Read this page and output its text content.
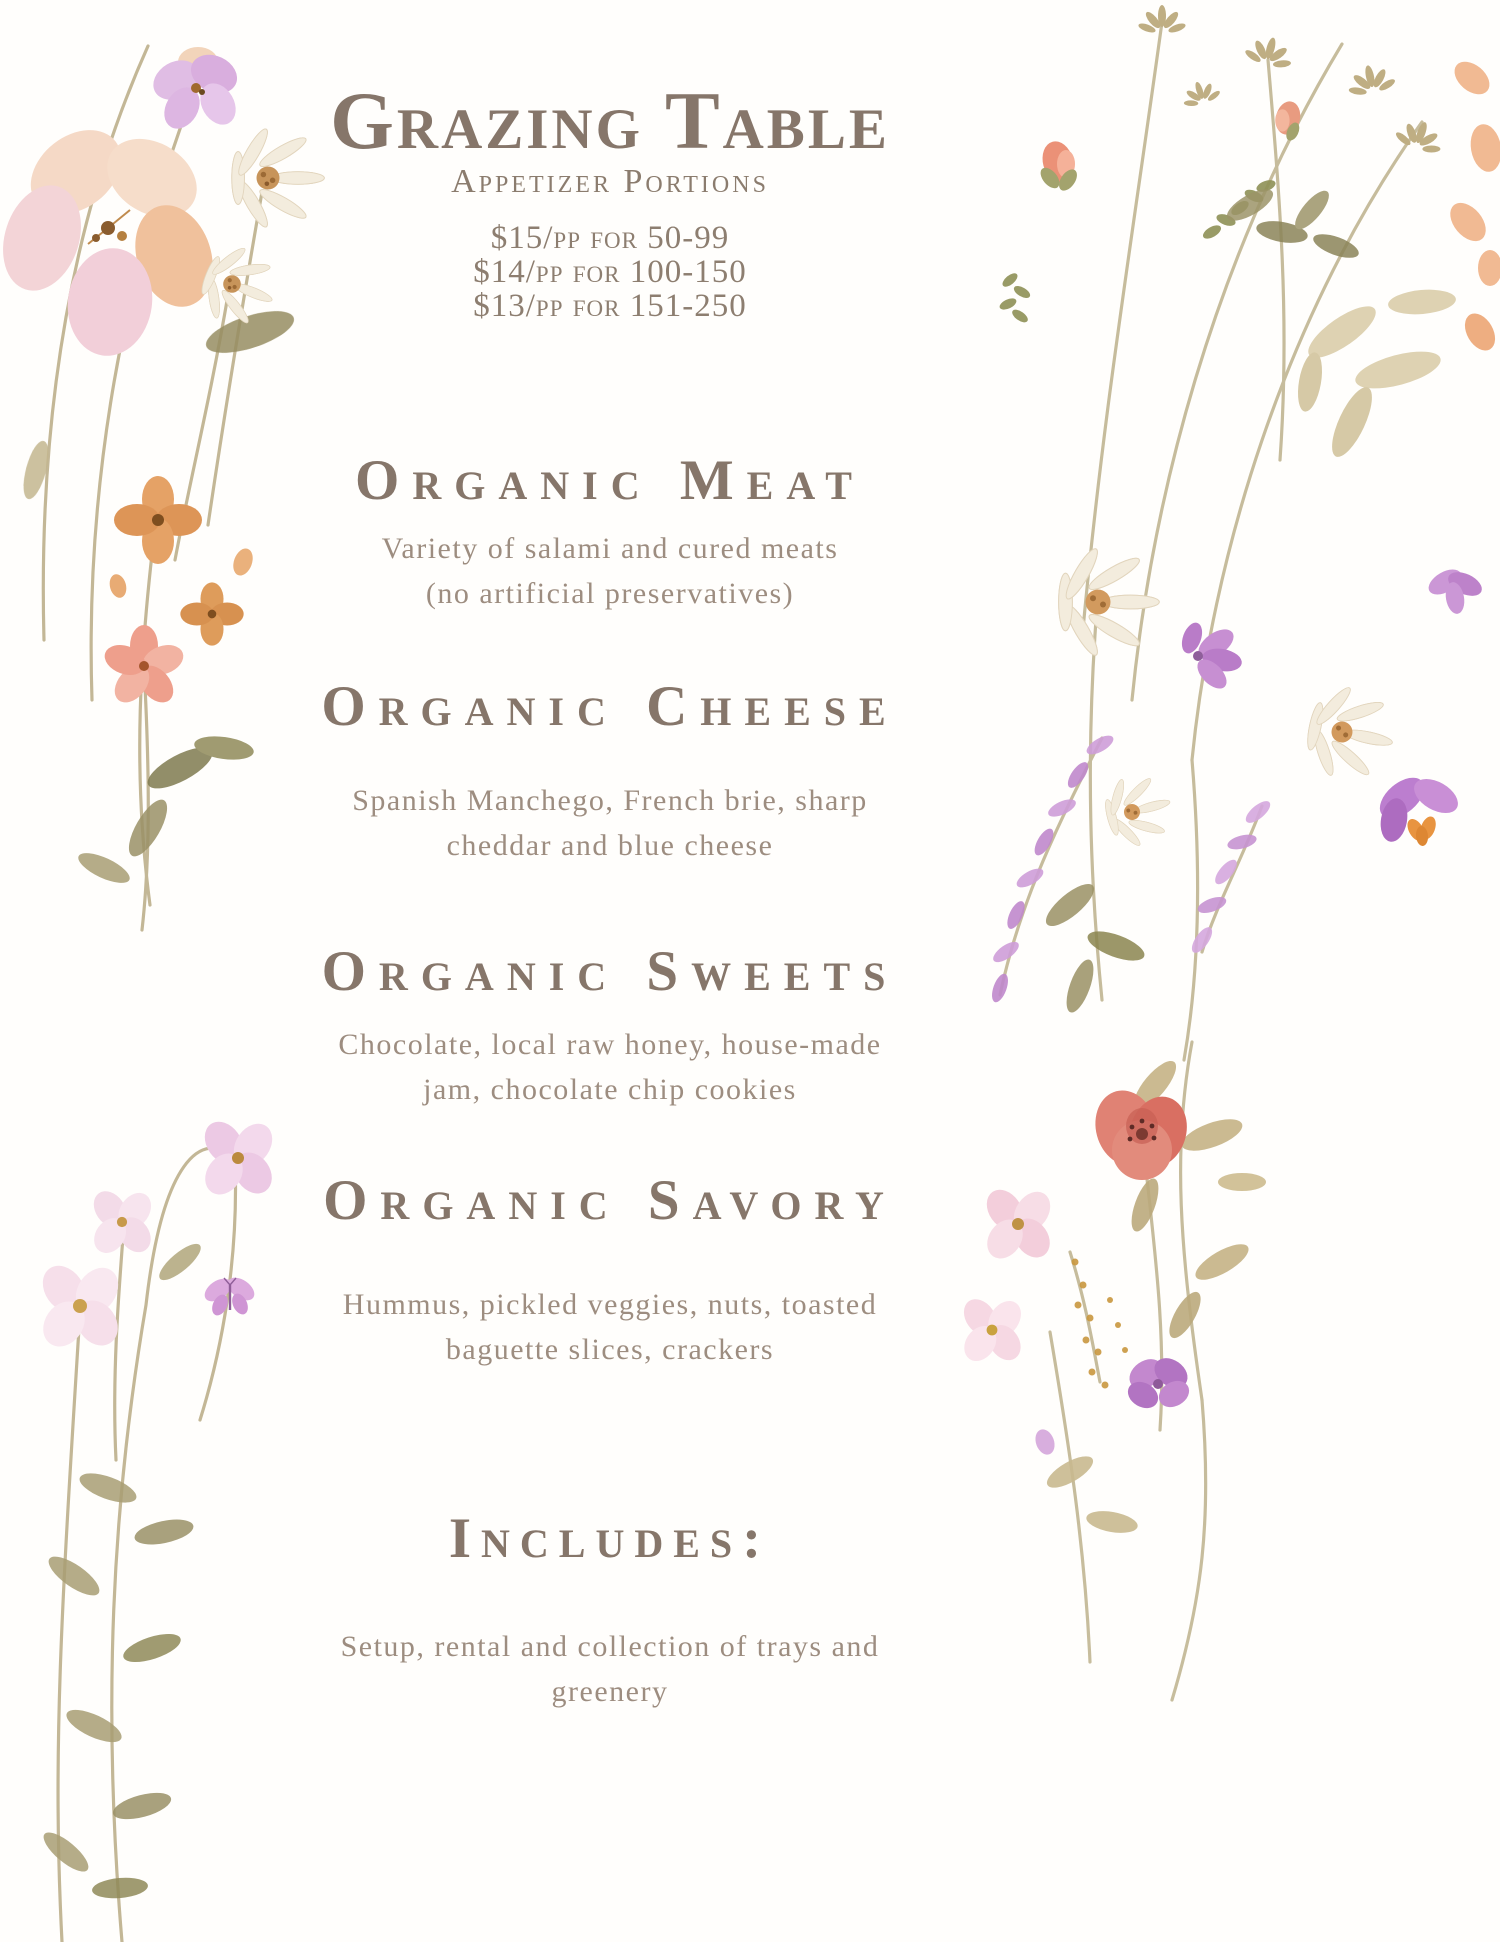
Grazing Table
Appetizer Portions
$15/pp for 50-99
$14/pp for 100-150
$13/pp for 151-250
Organic Meat
Variety of salami and cured meats
(no artificial preservatives)
Organic Cheese
Spanish Manchego, French brie, sharp
cheddar and blue cheese
Organic Sweets
Chocolate, local raw honey, house-made
jam, chocolate chip cookies
Organic Savory
Hummus, pickled veggies, nuts, toasted
baguette slices, crackers
Includes:
Setup, rental and collection of trays and
greenery
